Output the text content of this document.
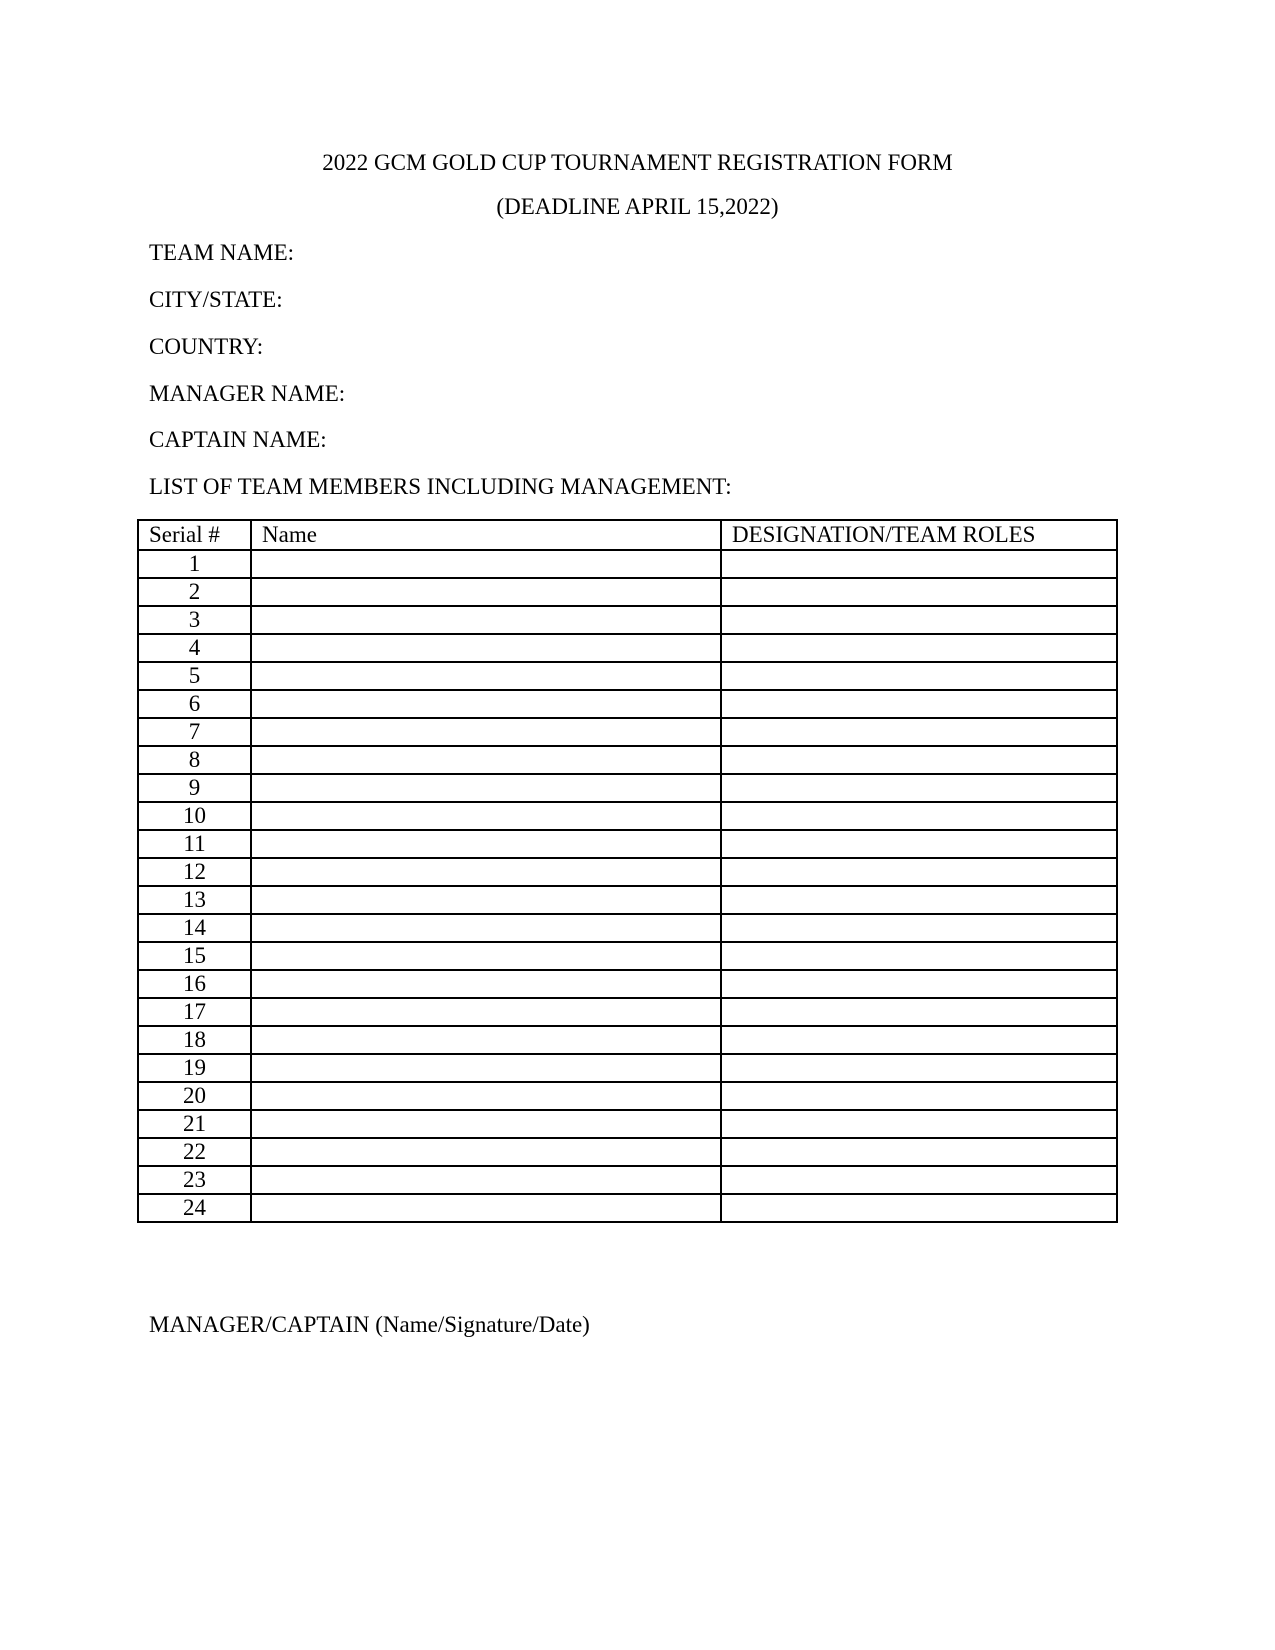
2022 GCM GOLD CUP TOURNAMENT REGISTRATION FORM
(DEADLINE APRIL 15,2022)
TEAM NAME:
CITY/STATE:
COUNTRY:
MANAGER NAME:
CAPTAIN NAME:
LIST OF TEAM MEMBERS INCLUDING MANAGEMENT:
Serial #	Name	DESIGNATION/TEAM ROLES
1		
2		
3		
4		
5		
6		
7		
8		
9		
10		
11		
12		
13		
14		
15		
16		
17		
18		
19		
20		
21		
22		
23		
24		
MANAGER/CAPTAIN (Name/Signature/Date)
